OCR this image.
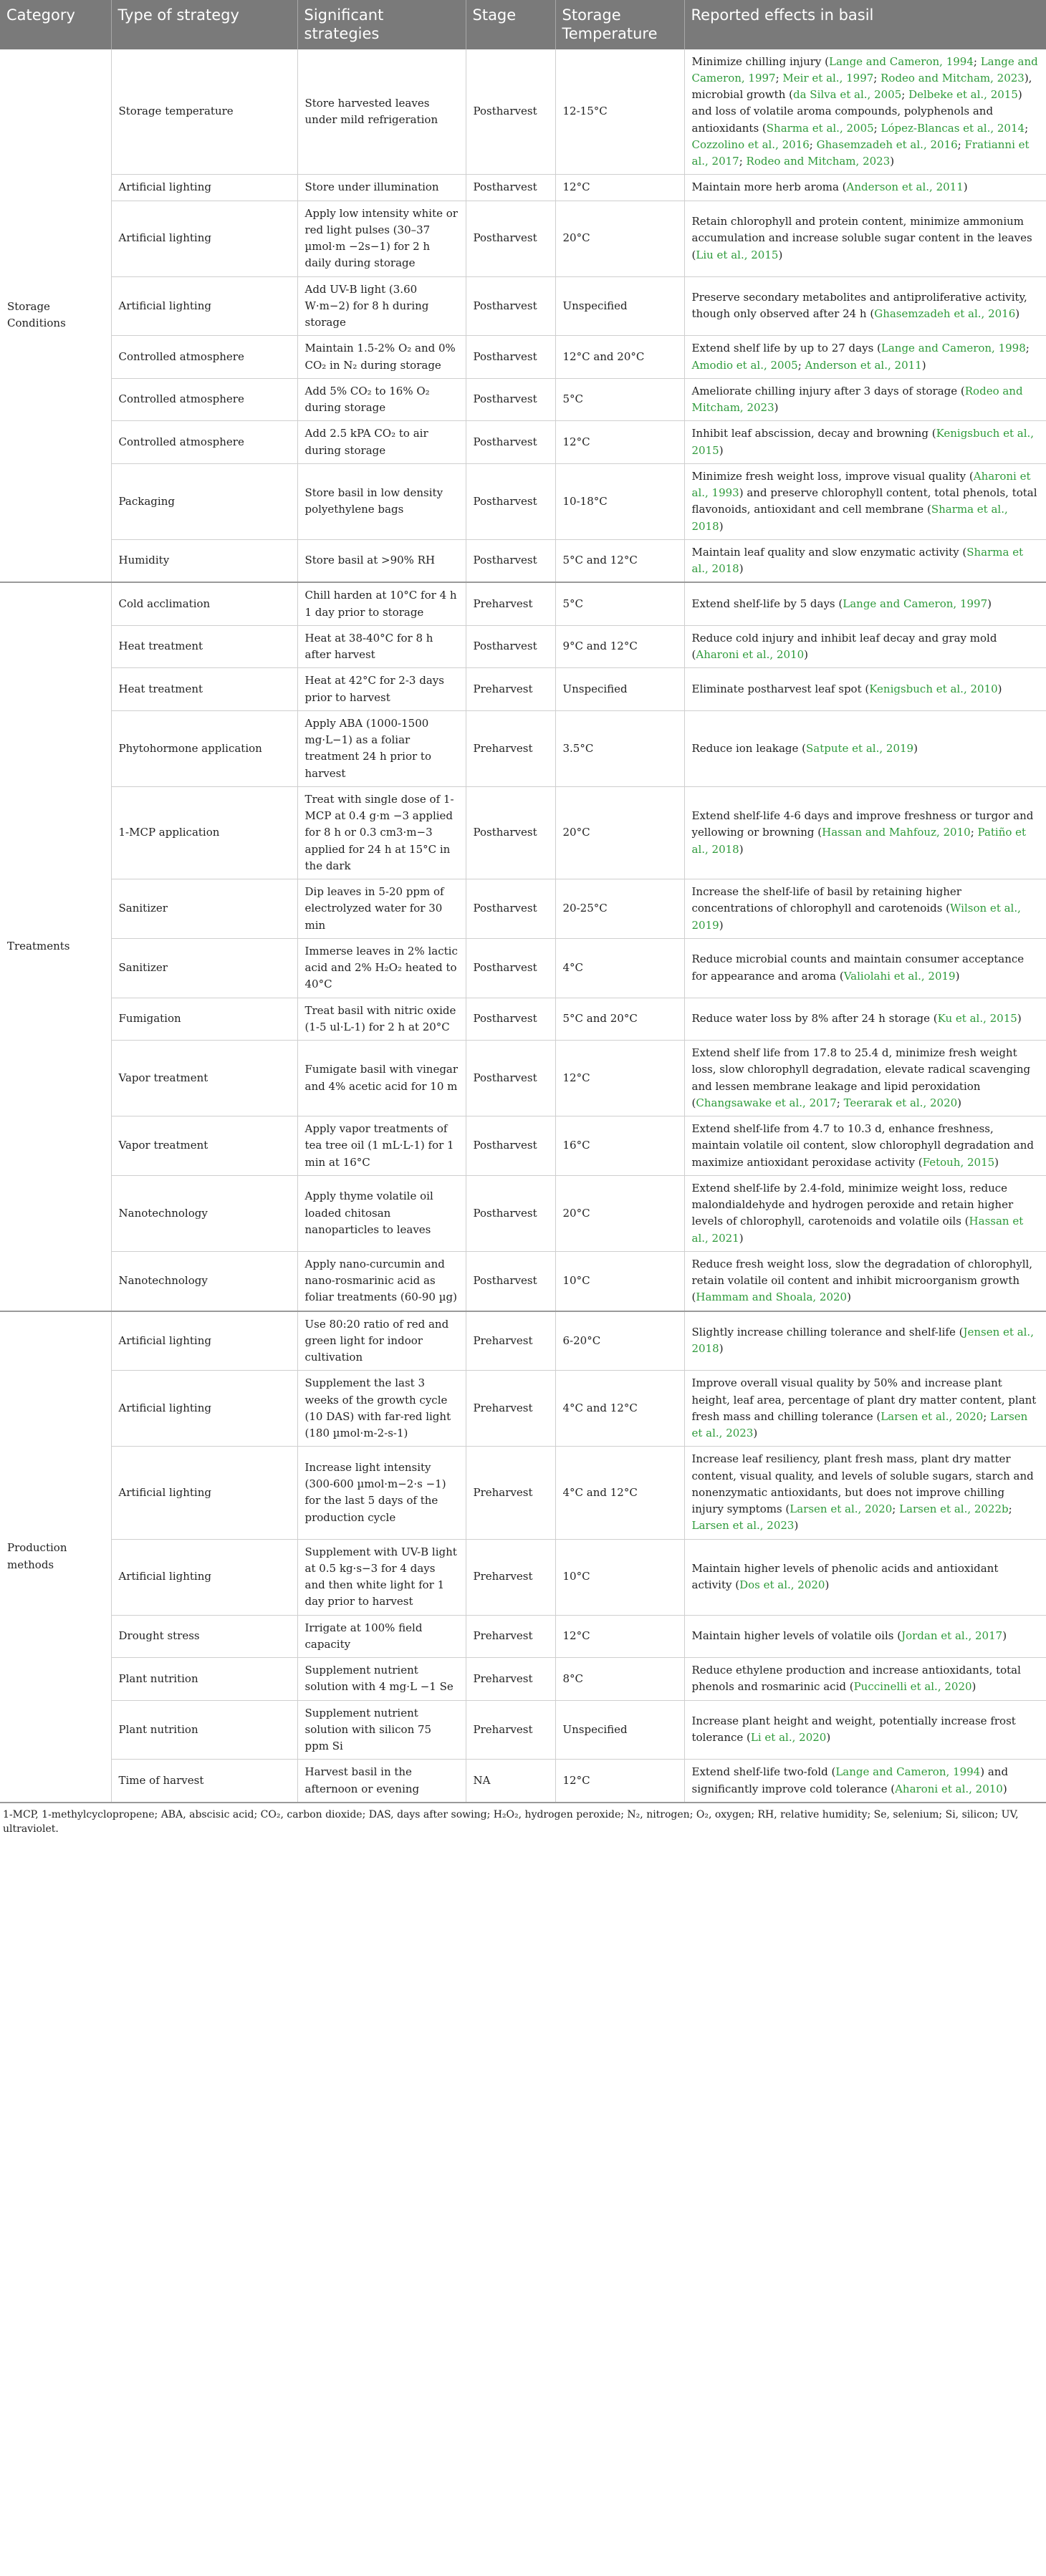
Category	Type of strategy	Significant strategies	Stage	Storage Temperature	Reported effects in basil
Storage Conditions	Storage temperature	Store harvested leaves under mild refrigeration	Postharvest	12-15°C	Minimize chilling injury (Lange and Cameron, 1994; Lange and Cameron, 1997; Meir et al., 1997; Rodeo and Mitcham, 2023), microbial growth (da Silva et al., 2005; Delbeke et al., 2015) and loss of volatile aroma compounds, polyphenols and antioxidants (Sharma et al., 2005; López-Blancas et al., 2014; Cozzolino et al., 2016; Ghasemzadeh et al., 2016; Fratianni et al., 2017; Rodeo and Mitcham, 2023)
	Artificial lighting	Store under illumination	Postharvest	12°C	Maintain more herb aroma (Anderson et al., 2011)
	Artificial lighting	Apply low intensity white or red light pulses (30–37 µmol·m −2s−1) for 2 h daily during storage	Postharvest	20°C	Retain chlorophyll and protein content, minimize ammonium accumulation and increase soluble sugar content in the leaves (Liu et al., 2015)
	Artificial lighting	Add UV-B light (3.60 W·m−2) for 8 h during storage	Postharvest	Unspecified	Preserve secondary metabolites and antiproliferative activity, though only observed after 24 h (Ghasemzadeh et al., 2016)
	Controlled atmosphere	Maintain 1.5-2% O₂ and 0% CO₂ in N₂ during storage	Postharvest	12°C and 20°C	Extend shelf life by up to 27 days (Lange and Cameron, 1998; Amodio et al., 2005; Anderson et al., 2011)
	Controlled atmosphere	Add 5% CO₂ to 16% O₂ during storage	Postharvest	5°C	Ameliorate chilling injury after 3 days of storage (Rodeo and Mitcham, 2023)
	Controlled atmosphere	Add 2.5 kPA CO₂ to air during storage	Postharvest	12°C	Inhibit leaf abscission, decay and browning (Kenigsbuch et al., 2015)
	Packaging	Store basil in low density polyethylene bags	Postharvest	10-18°C	Minimize fresh weight loss, improve visual quality (Aharoni et al., 1993) and preserve chlorophyll content, total phenols, total flavonoids, antioxidant and cell membrane (Sharma et al., 2018)
	Humidity	Store basil at >90% RH	Postharvest	5°C and 12°C	Maintain leaf quality and slow enzymatic activity (Sharma et al., 2018)
Treatments	Cold acclimation	Chill harden at 10°C for 4 h 1 day prior to storage	Preharvest	5°C	Extend shelf-life by 5 days (Lange and Cameron, 1997)
	Heat treatment	Heat at 38-40°C for 8 h after harvest	Postharvest	9°C and 12°C	Reduce cold injury and inhibit leaf decay and gray mold (Aharoni et al., 2010)
	Heat treatment	Heat at 42°C for 2-3 days prior to harvest	Preharvest	Unspecified	Eliminate postharvest leaf spot (Kenigsbuch et al., 2010)
	Phytohormone application	Apply ABA (1000-1500 mg·L−1) as a foliar treatment 24 h prior to harvest	Preharvest	3.5°C	Reduce ion leakage (Satpute et al., 2019)
	1-MCP application	Treat with single dose of 1-MCP at 0.4 g·m −3 applied for 8 h or 0.3 cm3·m−3 applied for 24 h at 15°C in the dark	Postharvest	20°C	Extend shelf-life 4-6 days and improve freshness or turgor and yellowing or browning (Hassan and Mahfouz, 2010; Patiño et al., 2018)
	Sanitizer	Dip leaves in 5-20 ppm of electrolyzed water for 30 min	Postharvest	20-25°C	Increase the shelf-life of basil by retaining higher concentrations of chlorophyll and carotenoids (Wilson et al., 2019)
	Sanitizer	Immerse leaves in 2% lactic acid and 2% H₂O₂ heated to 40°C	Postharvest	4°C	Reduce microbial counts and maintain consumer acceptance for appearance and aroma (Valiolahi et al., 2019)
	Fumigation	Treat basil with nitric oxide (1-5 ul·L-1) for 2 h at 20°C	Postharvest	5°C and 20°C	Reduce water loss by 8% after 24 h storage (Ku et al., 2015)
	Vapor treatment	Fumigate basil with vinegar and 4% acetic acid for 10 m	Postharvest	12°C	Extend shelf life from 17.8 to 25.4 d, minimize fresh weight loss, slow chlorophyll degradation, elevate radical scavenging and lessen membrane leakage and lipid peroxidation (Changsawake et al., 2017; Teerarak et al., 2020)
	Vapor treatment	Apply vapor treatments of tea tree oil (1 mL·L-1) for 1 min at 16°C	Postharvest	16°C	Extend shelf-life from 4.7 to 10.3 d, enhance freshness, maintain volatile oil content, slow chlorophyll degradation and maximize antioxidant peroxidase activity (Fetouh, 2015)
	Nanotechnology	Apply thyme volatile oil loaded chitosan nanoparticles to leaves	Postharvest	20°C	Extend shelf-life by 2.4-fold, minimize weight loss, reduce malondialdehyde and hydrogen peroxide and retain higher levels of chlorophyll, carotenoids and volatile oils (Hassan et al., 2021)
	Nanotechnology	Apply nano-curcumin and nano-rosmarinic acid as foliar treatments (60-90 µg)	Postharvest	10°C	Reduce fresh weight loss, slow the degradation of chlorophyll, retain volatile oil content and inhibit microorganism growth (Hammam and Shoala, 2020)
Production methods	Artificial lighting	Use 80:20 ratio of red and green light for indoor cultivation	Preharvest	6-20°C	Slightly increase chilling tolerance and shelf-life (Jensen et al., 2018)
	Artificial lighting	Supplement the last 3 weeks of the growth cycle (10 DAS) with far-red light (180 µmol·m-2-s-1)	Preharvest	4°C and 12°C	Improve overall visual quality by 50% and increase plant height, leaf area, percentage of plant dry matter content, plant fresh mass and chilling tolerance (Larsen et al., 2020; Larsen et al., 2023)
	Artificial lighting	Increase light intensity (300-600 µmol·m−2·s −1) for the last 5 days of the production cycle	Preharvest	4°C and 12°C	Increase leaf resiliency, plant fresh mass, plant dry matter content, visual quality, and levels of soluble sugars, starch and nonenzymatic antioxidants, but does not improve chilling injury symptoms (Larsen et al., 2020; Larsen et al., 2022b; Larsen et al., 2023)
	Artificial lighting	Supplement with UV-B light at 0.5 kg·s−3 for 4 days and then white light for 1 day prior to harvest	Preharvest	10°C	Maintain higher levels of phenolic acids and antioxidant activity (Dos et al., 2020)
	Drought stress	Irrigate at 100% field capacity	Preharvest	12°C	Maintain higher levels of volatile oils (Jordan et al., 2017)
	Plant nutrition	Supplement nutrient solution with 4 mg·L −1 Se	Preharvest	8°C	Reduce ethylene production and increase antioxidants, total phenols and rosmarinic acid (Puccinelli et al., 2020)
	Plant nutrition	Supplement nutrient solution with silicon 75 ppm Si	Preharvest	Unspecified	Increase plant height and weight, potentially increase frost tolerance (Li et al., 2020)
	Time of harvest	Harvest basil in the afternoon or evening	NA	12°C	Extend shelf-life two-fold (Lange and Cameron, 1994) and significantly improve cold tolerance (Aharoni et al., 2010)
1-MCP, 1-methylcyclopropene; ABA, abscisic acid; CO₂, carbon dioxide; DAS, days after sowing; H₂O₂, hydrogen peroxide; N₂, nitrogen; O₂, oxygen; RH, relative humidity; Se, selenium; Si, silicon; UV, ultraviolet.
